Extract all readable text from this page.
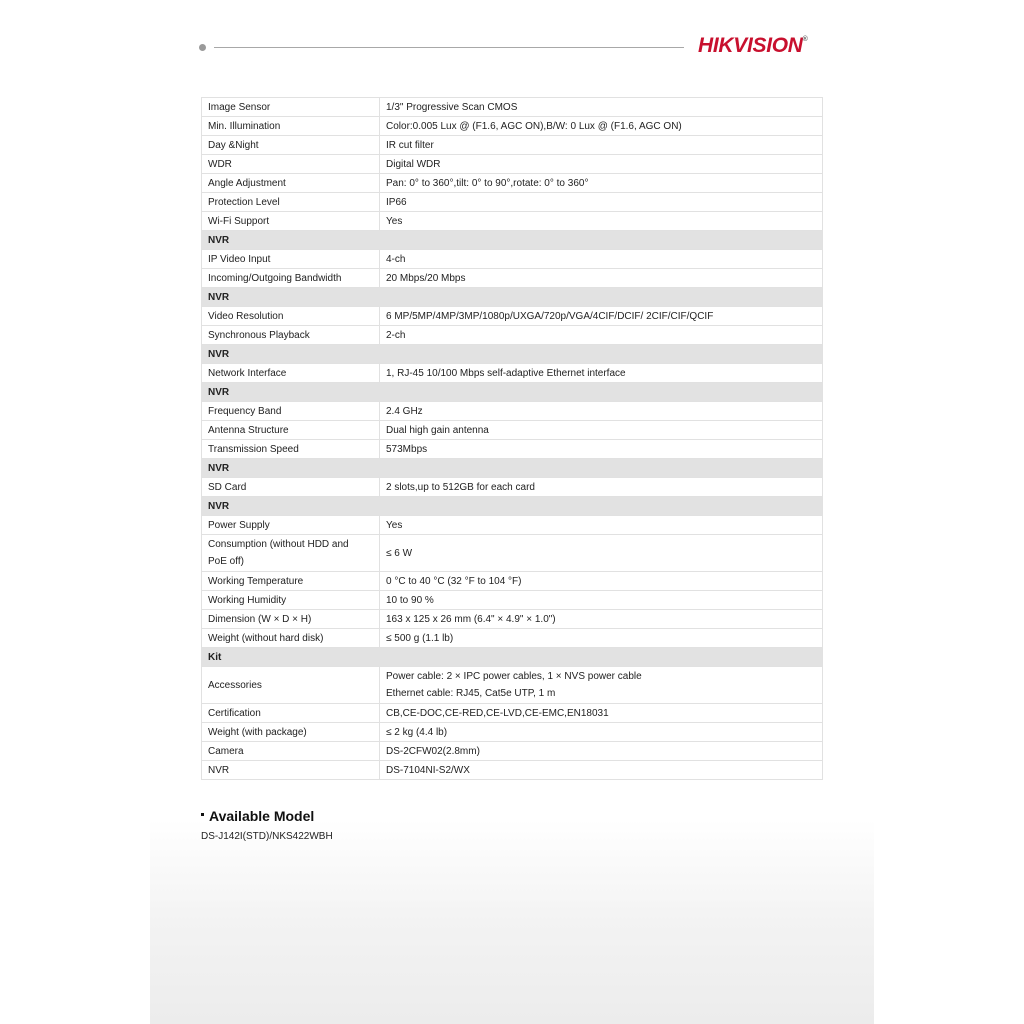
HIKVISION®
Image Sensor	1/3" Progressive Scan CMOS
Min. Illumination	Color:0.005 Lux @ (F1.6, AGC ON),B/W: 0 Lux @ (F1.6, AGC ON)
Day &Night	IR cut filter
WDR	Digital WDR
Angle Adjustment	Pan: 0° to 360°,tilt: 0° to 90°,rotate: 0° to 360°
Protection Level	IP66
Wi-Fi Support	Yes
NVR	
IP Video Input	4-ch
Incoming/Outgoing Bandwidth	20 Mbps/20 Mbps
NVR	
Video Resolution	6 MP/5MP/4MP/3MP/1080p/UXGA/720p/VGA/4CIF/DCIF/ 2CIF/CIF/QCIF
Synchronous Playback	2-ch
NVR	
Network Interface	1, RJ-45 10/100 Mbps self-adaptive Ethernet interface
NVR	
Frequency Band	2.4 GHz
Antenna Structure	Dual high gain antenna
Transmission Speed	573Mbps
NVR	
SD Card	2 slots,up to 512GB for each card
NVR	
Power Supply	Yes

Consumption (without HDD and
PoE off)	≤ 6 W

Working Temperature	0 °C to 40 °C (32 °F to 104 °F)
Working Humidity	10 to 90 %
Dimension (W × D × H)	163 x 125 x 26 mm (6.4" × 4.9" × 1.0")
Weight (without hard disk)	≤ 500 g (1.1 lb)
Kit	

Accessories	Power cable: 2 × IPC power cables, 1 × NVS power cable
Ethernet cable: RJ45, Cat5e UTP, 1 m

Certification	CB,CE-DOC,CE-RED,CE-LVD,CE-EMC,EN18031
Weight (with package)	≤ 2 kg (4.4 lb)
Camera	DS-2CFW02(2.8mm)
NVR	DS-7104NI-S2/WX
Available Model
DS-J142I(STD)/NKS422WBH
